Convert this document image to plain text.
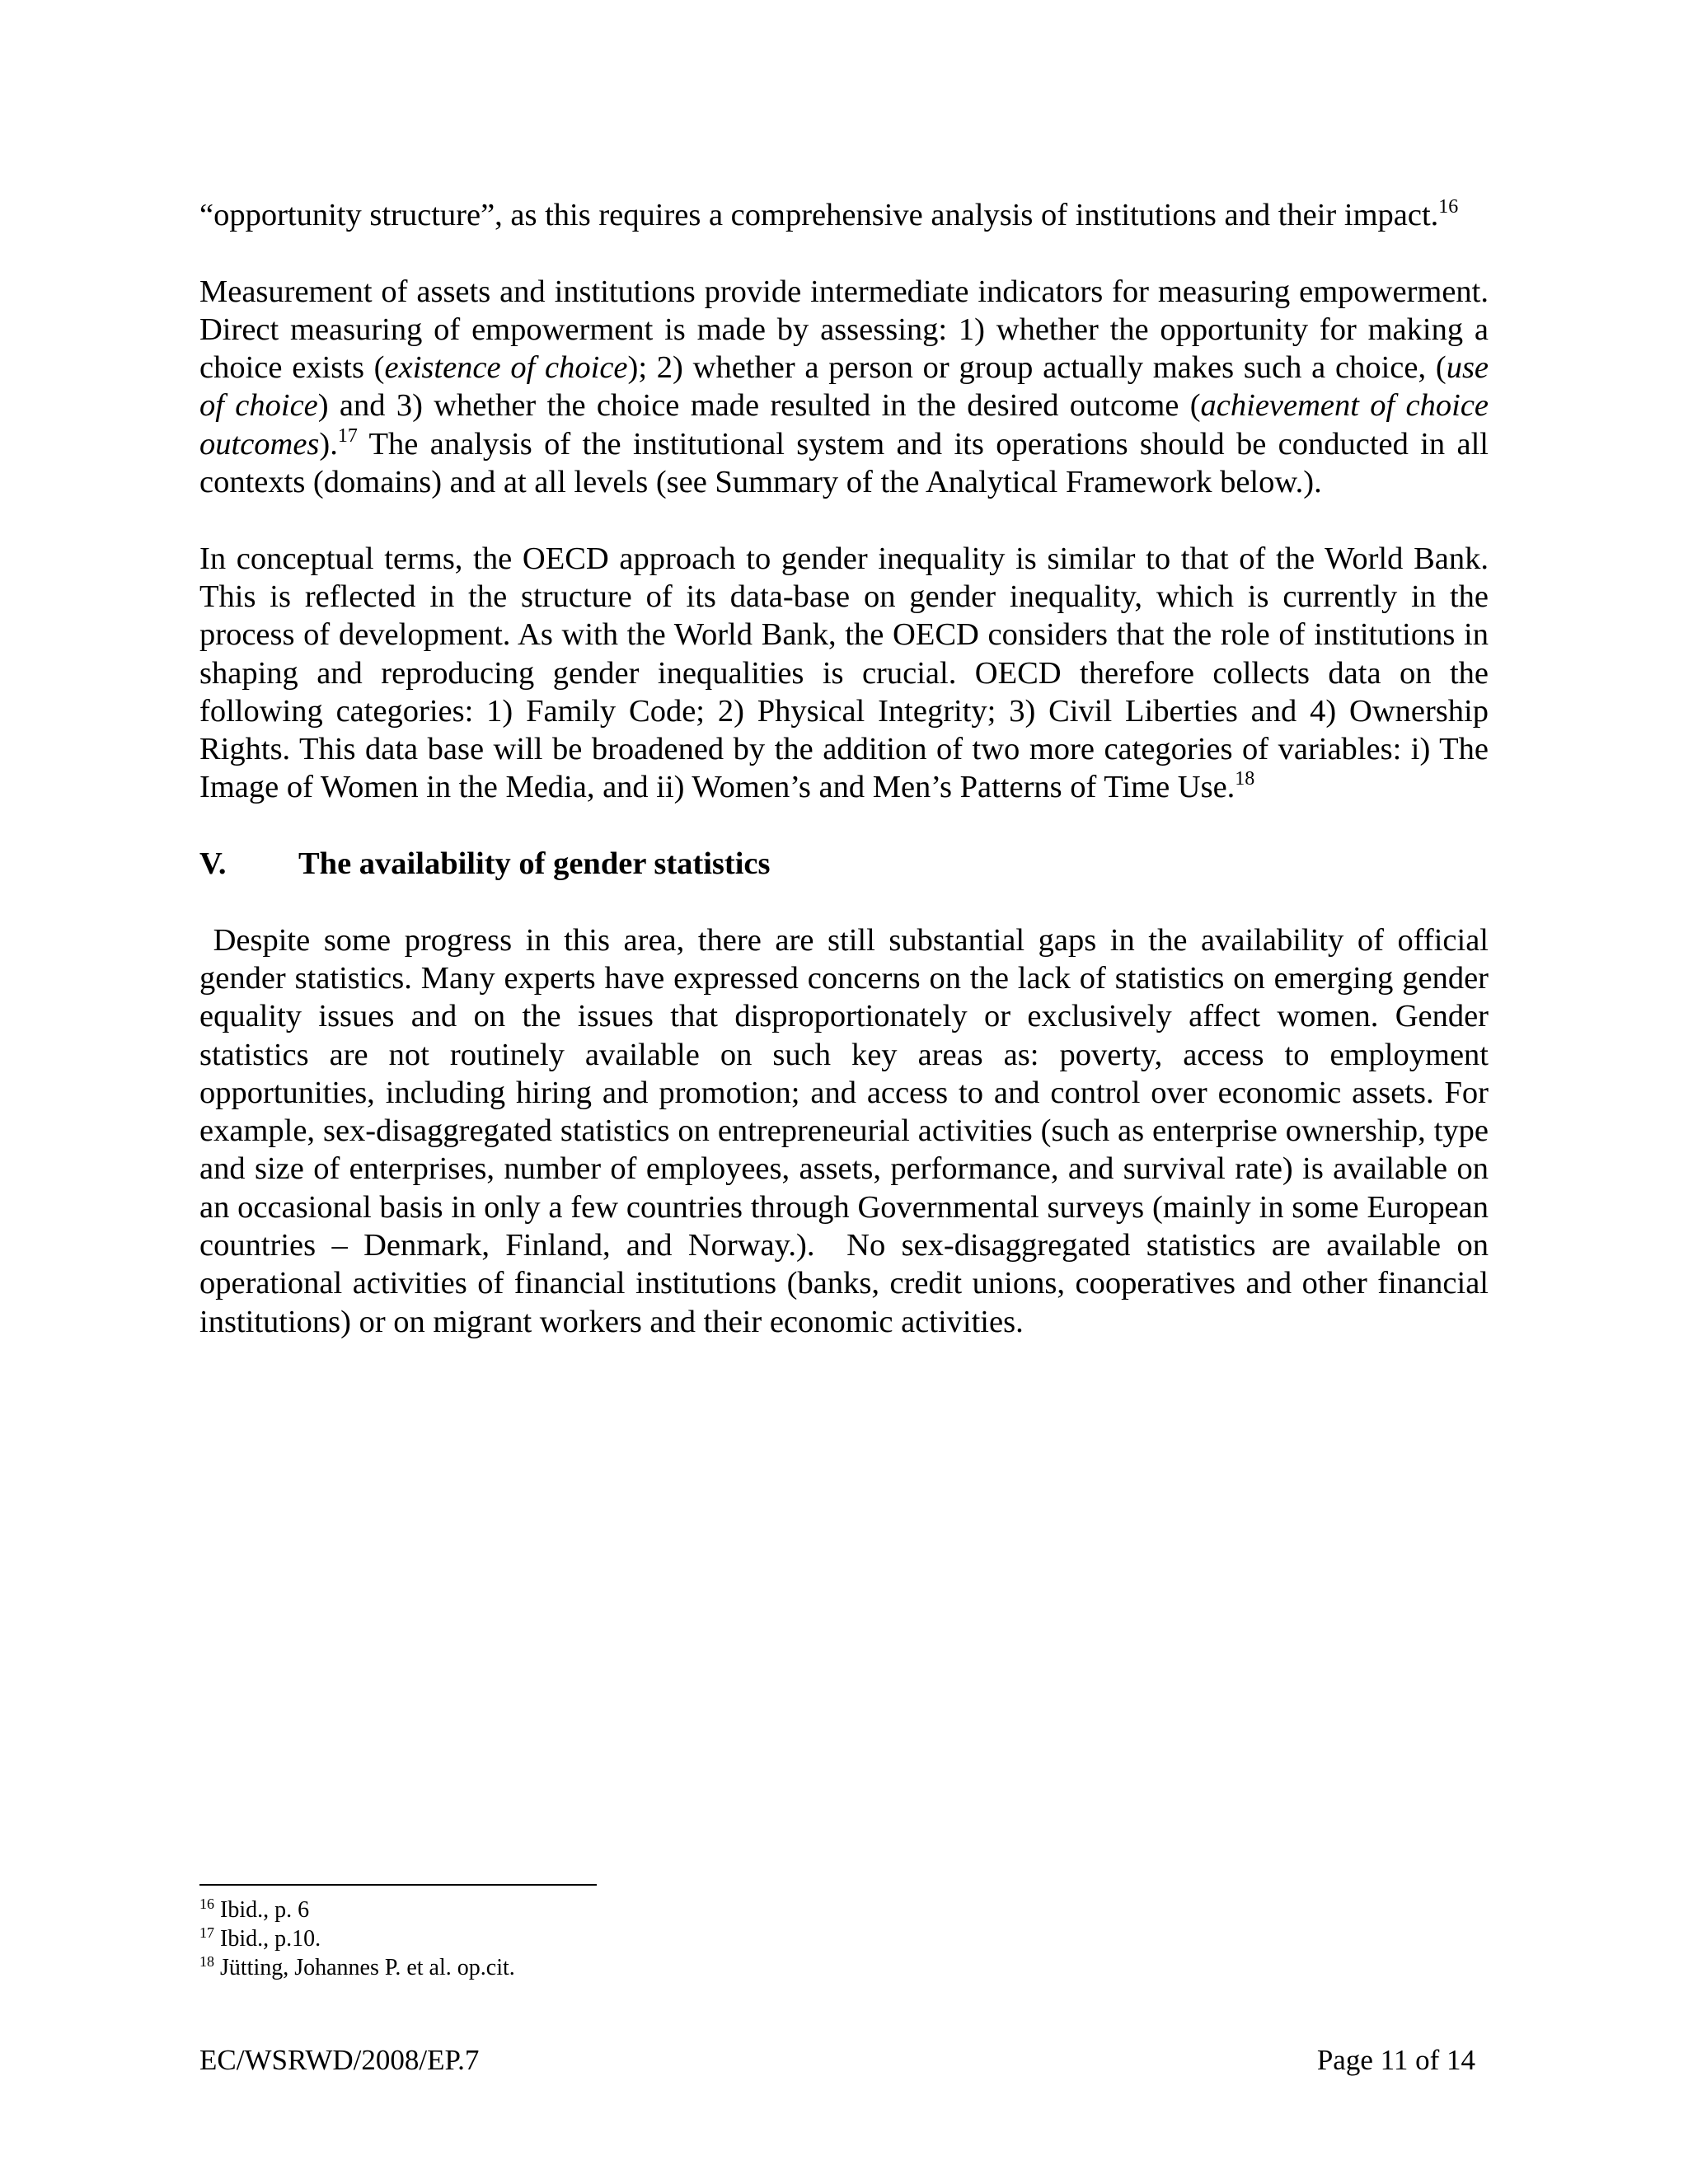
“opportunity structure”, as this requires a comprehensive analysis of institutions and their impact.$^{16}$

Measurement of assets and institutions provide intermediate indicators for measuring empowerment. Direct measuring of empowerment is made by assessing: 1) whether the opportunity for making a choice exists (existence of choice); 2) whether a person or group actually makes such a choice, (use of choice) and 3) whether the choice made resulted in the desired outcome (achievement of choice outcomes).$^{17}$ The analysis of the institutional system and its operations should be conducted in all contexts (domains) and at all levels (see Summary of the Analytical Framework below.).

In conceptual terms, the OECD approach to gender inequality is similar to that of the World Bank. This is reflected in the structure of its data-base on gender inequality, which is currently in the process of development. As with the World Bank, the OECD considers that the role of institutions in shaping and reproducing gender inequalities is crucial. OECD therefore collects data on the following categories: 1) Family Code; 2) Physical Integrity; 3) Civil Liberties and 4) Ownership Rights. This data base will be broadened by the addition of two more categories of variables: i) The Image of Women in the Media, and ii) Women’s and Men’s Patterns of Time Use.$^{18}$

V. The availability of gender statistics

Despite some progress in this area, there are still substantial gaps in the availability of official gender statistics. Many experts have expressed concerns on the lack of statistics on emerging gender equality issues and on the issues that disproportionately or exclusively affect women. Gender statistics are not routinely available on such key areas as: poverty, access to employment opportunities, including hiring and promotion; and access to and control over economic assets. For example, sex-disaggregated statistics on entrepreneurial activities (such as enterprise ownership, type and size of enterprises, number of employees, assets, performance, and survival rate) is available on an occasional basis in only a few countries through Governmental surveys (mainly in some European countries – Denmark, Finland, and Norway.).  No sex-disaggregated statistics are available on operational activities of financial institutions (banks, credit unions, cooperatives and other financial institutions) or on migrant workers and their economic activities.

$^{16}$ Ibid., p. 6
$^{17}$ Ibid., p.10.
$^{18}$ Jütting, Johannes P. et al. op.cit.
EC/WSRWD/2008/EP.7	Page 11 of 14
